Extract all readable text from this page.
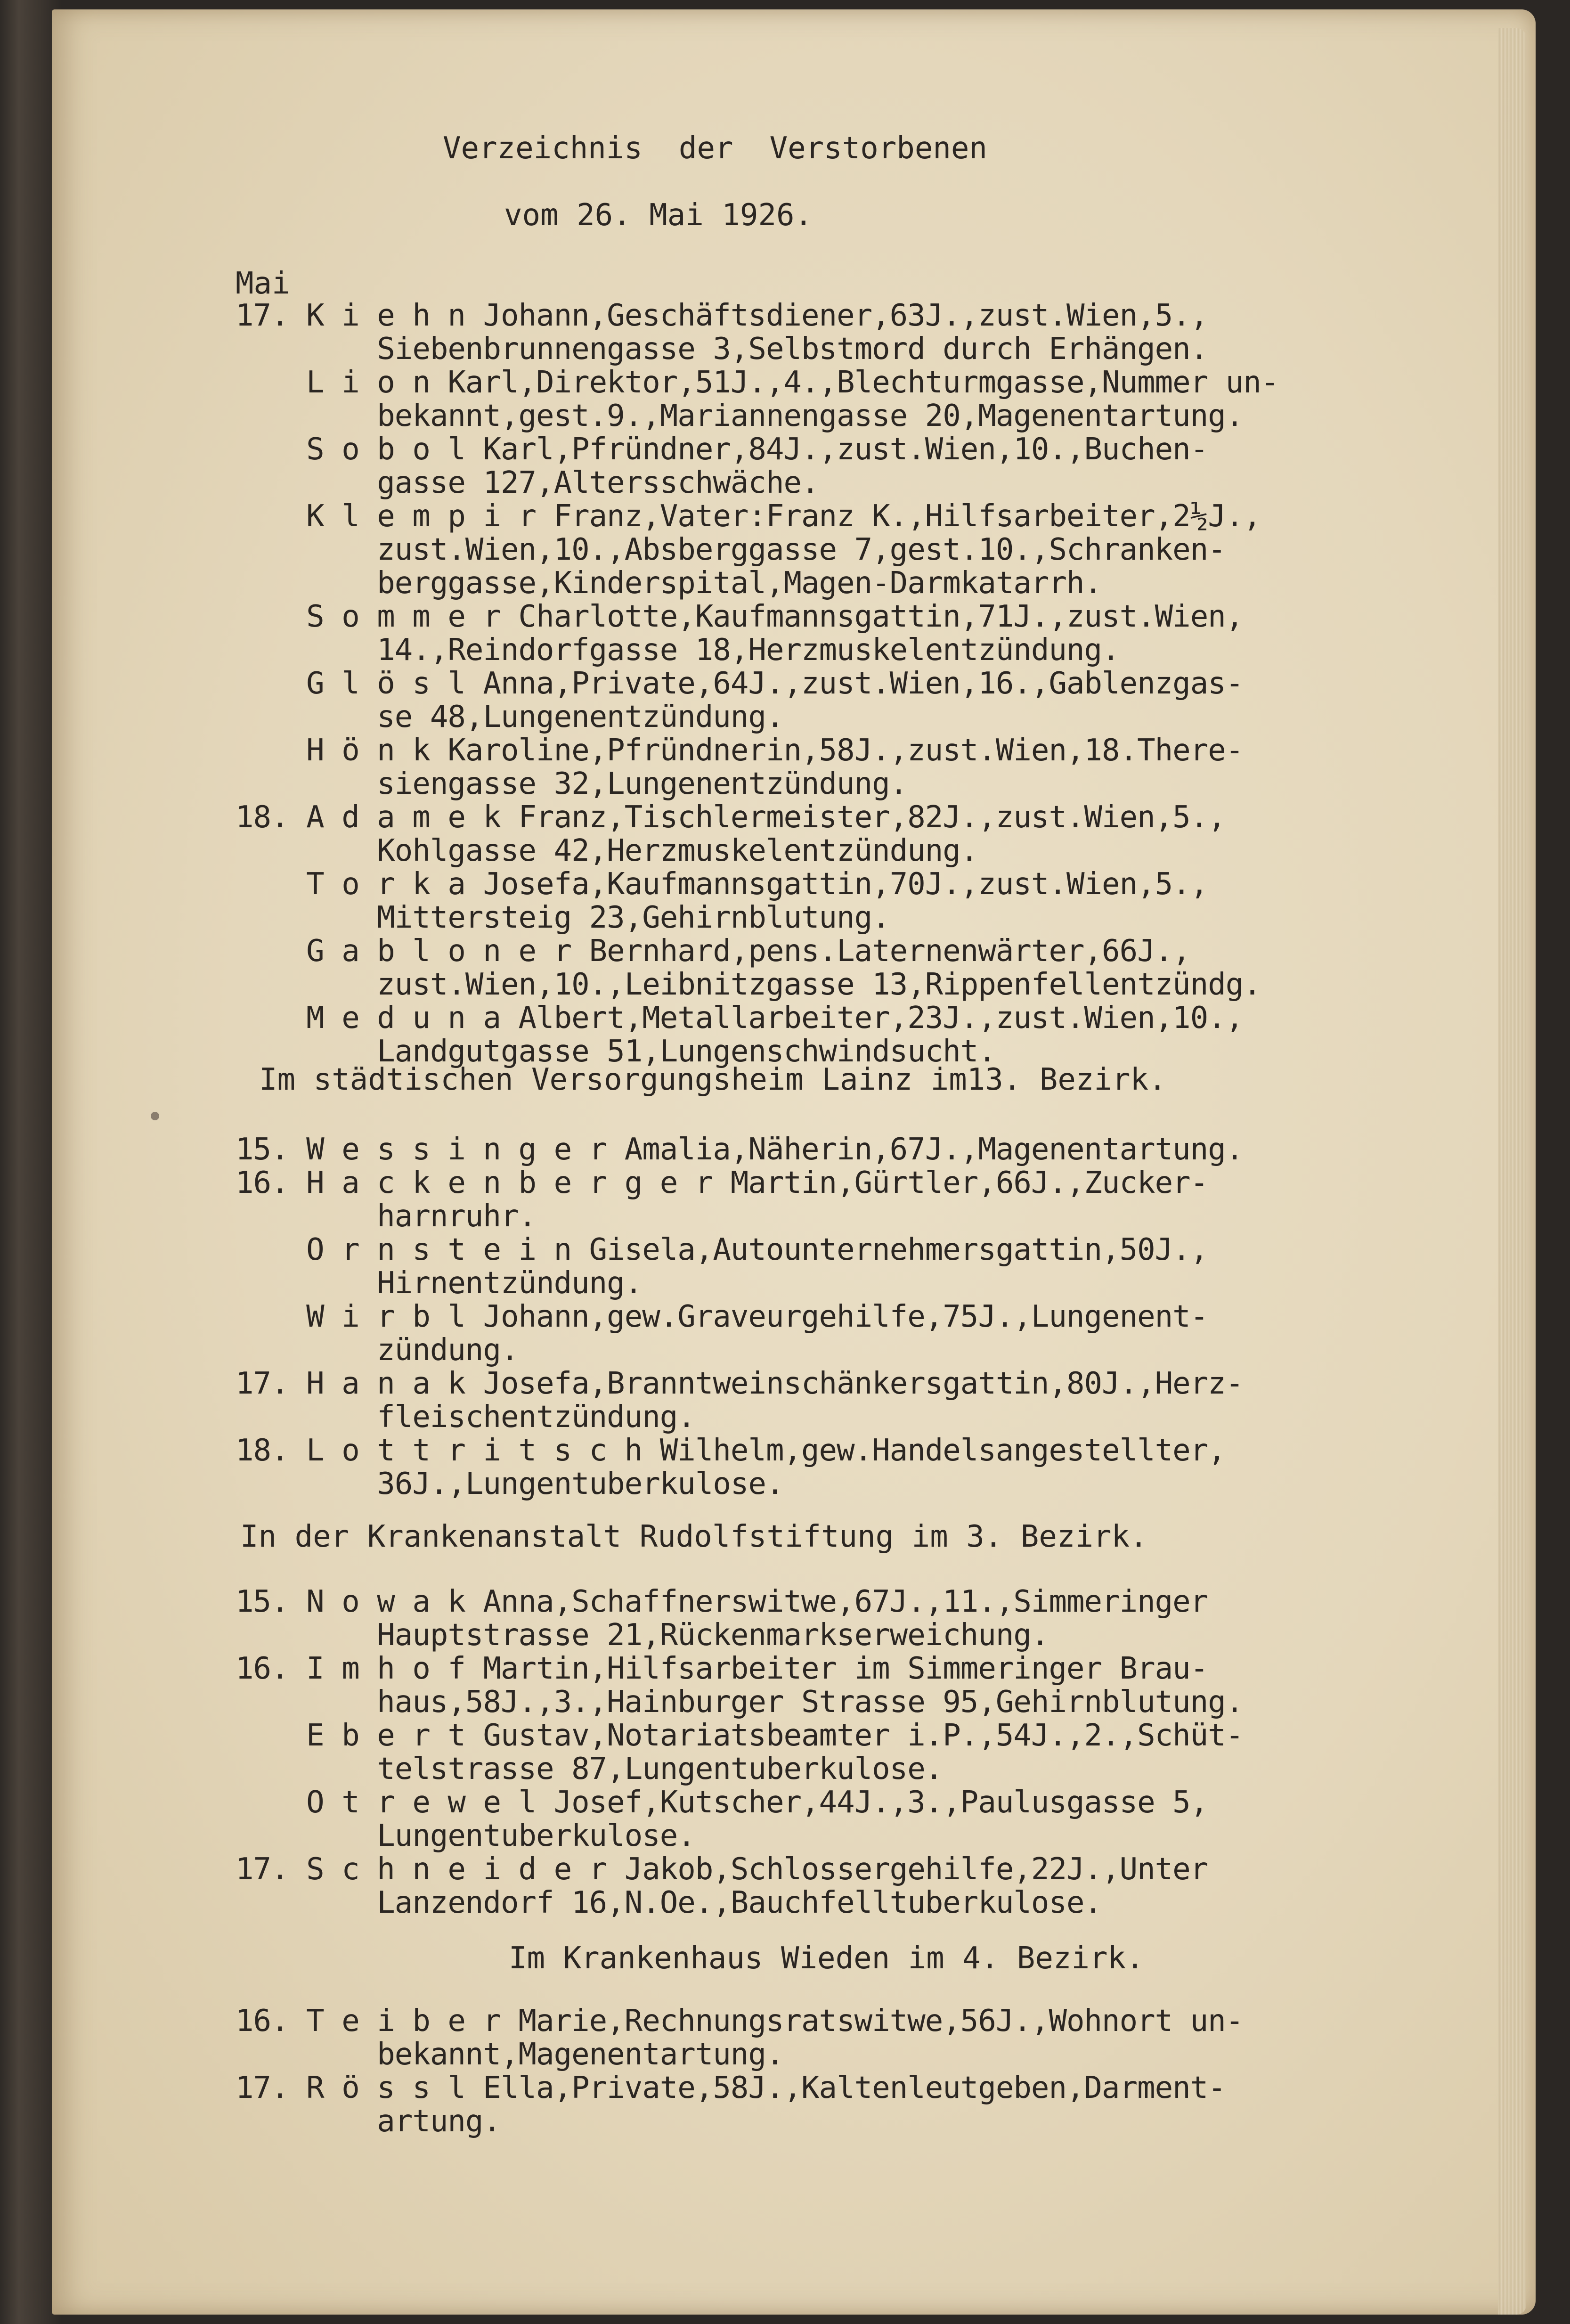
Verzeichnis  der  Verstorbenen
vom 26. Mai 1926.
Mai
17. K i e h n Johann,Geschäftsdiener,63J.,zust.Wien,5.,
Siebenbrunnengasse 3,Selbstmord durch Erhängen.
L i o n Karl,Direktor,51J.,4.,Blechturmgasse,Nummer un-
bekannt,gest.9.,Mariannengasse 20,Magenentartung.
S o b o l Karl,Pfründner,84J.,zust.Wien,10.,Buchen-
gasse 127,Altersschwäche.
K l e m p i r Franz,Vater:Franz K.,Hilfsarbeiter,2½J.,
zust.Wien,10.,Absberggasse 7,gest.10.,Schranken-
berggasse,Kinderspital,Magen-Darmkatarrh.
S o m m e r Charlotte,Kaufmannsgattin,71J.,zust.Wien,
14.,Reindorfgasse 18,Herzmuskelentzündung.
G l ö s l Anna,Private,64J.,zust.Wien,16.,Gablenzgas-
se 48,Lungenentzündung.
H ö n k Karoline,Pfründnerin,58J.,zust.Wien,18.There-
siengasse 32,Lungenentzündung.
18. A d a m e k Franz,Tischlermeister,82J.,zust.Wien,5.,
Kohlgasse 42,Herzmuskelentzündung.
T o r k a Josefa,Kaufmannsgattin,70J.,zust.Wien,5.,
Mittersteig 23,Gehirnblutung.
G a b l o n e r Bernhard,pens.Laternenwärter,66J.,
zust.Wien,10.,Leibnitzgasse 13,Rippenfellentzündg.
M e d u n a Albert,Metallarbeiter,23J.,zust.Wien,10.,
Landgutgasse 51,Lungenschwindsucht.
Im städtischen Versorgungsheim Lainz im13. Bezirk.
15. W e s s i n g e r Amalia,Näherin,67J.,Magenentartung.
16. H a c k e n b e r g e r Martin,Gürtler,66J.,Zucker-
harnruhr.
O r n s t e i n Gisela,Autounternehmersgattin,50J.,
Hirnentzündung.
W i r b l Johann,gew.Graveurgehilfe,75J.,Lungenent-
zündung.
17. H a n a k Josefa,Branntweinschänkersgattin,80J.,Herz-
fleischentzündung.
18. L o t t r i t s c h Wilhelm,gew.Handelsangestellter,
36J.,Lungentuberkulose.
In der Krankenanstalt Rudolfstiftung im 3. Bezirk.
15. N o w a k Anna,Schaffnerswitwe,67J.,11.,Simmeringer
Hauptstrasse 21,Rückenmarkserweichung.
16. I m h o f Martin,Hilfsarbeiter im Simmeringer Brau-
haus,58J.,3.,Hainburger Strasse 95,Gehirnblutung.
E b e r t Gustav,Notariatsbeamter i.P.,54J.,2.,Schüt-
telstrasse 87,Lungentuberkulose.
O t r e w e l Josef,Kutscher,44J.,3.,Paulusgasse 5,
Lungentuberkulose.
17. S c h n e i d e r Jakob,Schlossergehilfe,22J.,Unter
Lanzendorf 16,N.Oe.,Bauchfelltuberkulose.
Im Krankenhaus Wieden im 4. Bezirk.
16. T e i b e r Marie,Rechnungsratswitwe,56J.,Wohnort un-
bekannt,Magenentartung.
17. R ö s s l Ella,Private,58J.,Kaltenleutgeben,Darment-
artung.
